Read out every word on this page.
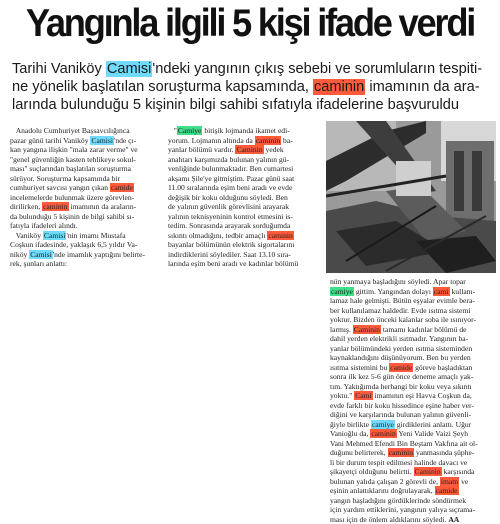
Yangınla ilgili 5 kişi ifade verdi

Tarihi Vaniköy Camisi'ndeki yangının çıkış sebebi ve sorumluların tespiti-

ne yönelik başlatılan soruşturma kapsamında, caminin imamının da ara-

larında bulunduğu 5 kişinin bilgi sahibi sıfatıyla ifadelerine başvuruldu

Anadolu Cumhuriyet Başsavcılığınca

pazar günü tarihi Vaniköy Camisi'nde çı-

kan yangına ilişkin "mala zarar verme" ve

"genel güvenliğin kasten tehlikeye sokul-

ması" suçlarından başlatılan soruşturma

sürüyor. Soruşturma kapsamında bir

cumhuriyet savcısı yangın çıkan camide

incelemelerde bulunmak üzere görevlen-

dirilirken, caminin imamının da araların-

da bulunduğu 5 kişinin de bilgi sahibi sı-

fatıyla ifadeleri alındı.

Vaniköy Camisi'nin imamı Mustafa

Coşkun ifadesinde, yaklaşık 6,5 yıldır Va-

niköy Camisi'nde imamlık yaptığını belirte-

rek, şunları anlattı:

"Camiye bitişik lojmanda ikamet edi-

yorum. Lojmanın altında da caminin ba-

yanlar bölümü vardır. Caminin yedek

anahtarı karşımızda bulunan yalının gü-

venliğinde bulunmaktadır. Ben cumartesi

akşamı Şile'ye gitmiştim. Pazar günü saat

11.00 sıralarında eşim beni aradı ve evde

değişik bir koku olduğunu söyledi. Ben

de yalının güvenlik görevlisini arayarak

yalının teknisyeninin kontrol etmesini is-

tedim. Sonrasında arayarak sorduğumda

sıkıntı olmadığını, tedbir amaçlı caminin

bayanlar bölümünün elektrik sigortalarını

indirdiklerini söylediler. Saat 13.10 sıra-

larında eşim beni aradı ve kadınlar bölümü

nün yanmaya başladığını söyledi. Apar topar

camiye gittim. Yangından dolayı cami kullanı-

lamaz hale gelmişti. Bütün eşyalar evimle bera-

ber kullanılamaz haldedir. Evde ısıtma sistemi

yoktur. Bizden önceki kalanlar soba ile ısınıyor-

larmış. Caminin tamamı kadınlar bölümü de

dahil yerden elektrikli ısıtmadır. Yangının ba-

yanlar bölümündeki yerden ısıtma sisteminden

kaynaklandığını düşünüyorum. Ben bu yerden

ısıtma sistemini bu camide göreve başladıktan

sonra ilk kez 5-6 gün önce deneme amaçlı yak-

tım. Yaktığımda herhangi bir koku veya sıkıntı

yoktu." Cami imamının eşi Havva Coşkun da,

evde farklı bir koku hissedince eşine haber ver-

diğini ve karşılarında bulunan yalının güvenli-

ğiyle birlikte camiye girdiklerini anlattı. Uğur

Vanioğlu da, caminin Yeni Valide Vaizi Şeyh

Vani Mehmed Efendi Bin Beştam Vakfına ait ol-

duğunu belirterek, caminin yanmasında şüphe-

li bir durum tespit edilmesi halinde davacı ve

şikayetçi olduğunu belirtti. Caminin karşısında

bulunan yalıda çalışan 2 görevli de, imam ve

eşinin anlattıklarını doğrulayarak, camide

yangın başladığını gördüklerinde söndürmek

için yardım ettiklerini, yangının yalıya sıçrama-

ması için de önlem aldıklarını söyledi. AA
